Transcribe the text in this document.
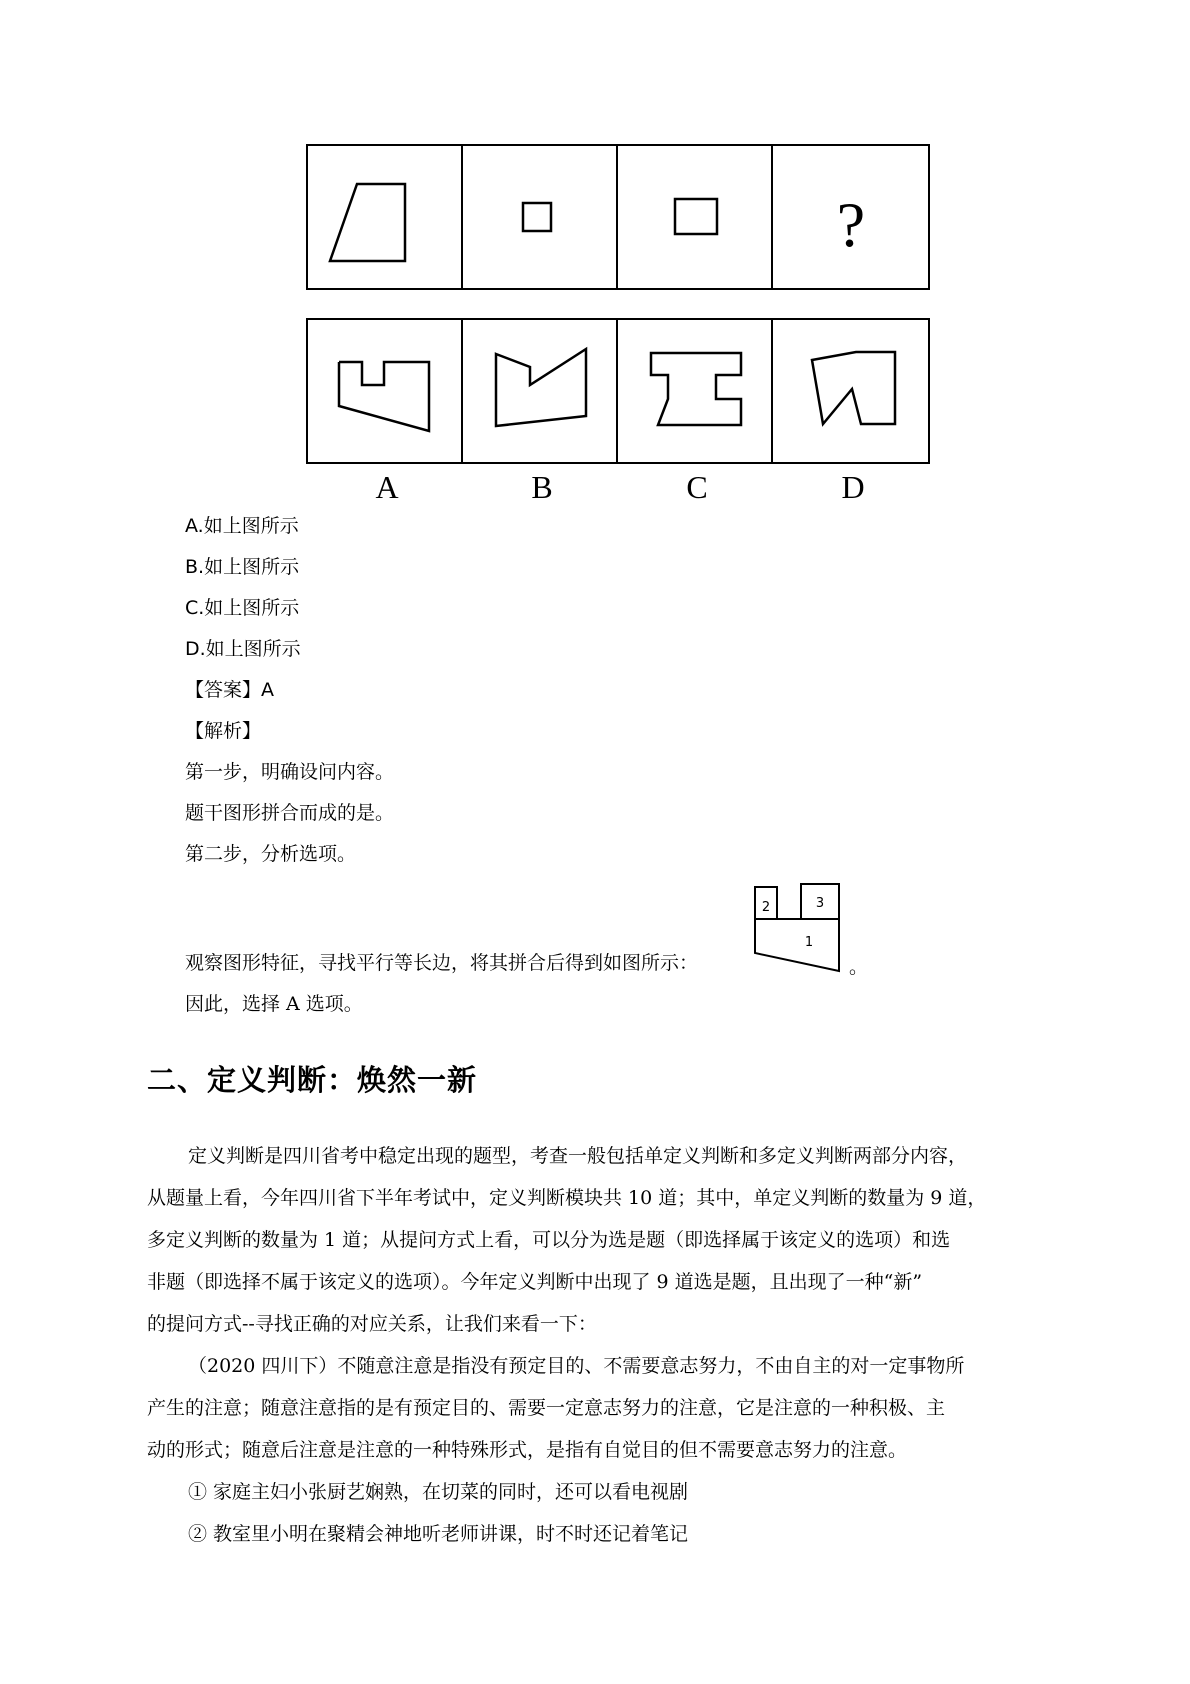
?
A	B	C	D
A.如上图所示
B.如上图所示
C.如上图所示
D.如上图所示
【答案】A
【解析】
第一步，明确设问内容。
题干图形拼合而成的是。
第二步，分析选项。
观察图形特征，寻找平行等长边，将其拼合后得到如图所示：
2	3
1
。
因此，选择 A 选项。
二、定义判断：焕然一新
定义判断是四川省考中稳定出现的题型，考查一般包括单定义判断和多定义判断两部分内容，
从题量上看，今年四川省下半年考试中，定义判断模块共 10 道；其中，单定义判断的数量为 9 道，
多定义判断的数量为 1 道；从提问方式上看，可以分为选是题（即选择属于该定义的选项）和选
非题（即选择不属于该定义的选项）。今年定义判断中出现了 9 道选是题，且出现了一种“新”
的提问方式--寻找正确的对应关系，让我们来看一下：
（2020 四川下）不随意注意是指没有预定目的、不需要意志努力，不由自主的对一定事物所
产生的注意；随意注意指的是有预定目的、需要一定意志努力的注意，它是注意的一种积极、主
动的形式；随意后注意是注意的一种特殊形式，是指有自觉目的但不需要意志努力的注意。
① 家庭主妇小张厨艺娴熟，在切菜的同时，还可以看电视剧
② 教室里小明在聚精会神地听老师讲课，时不时还记着笔记
